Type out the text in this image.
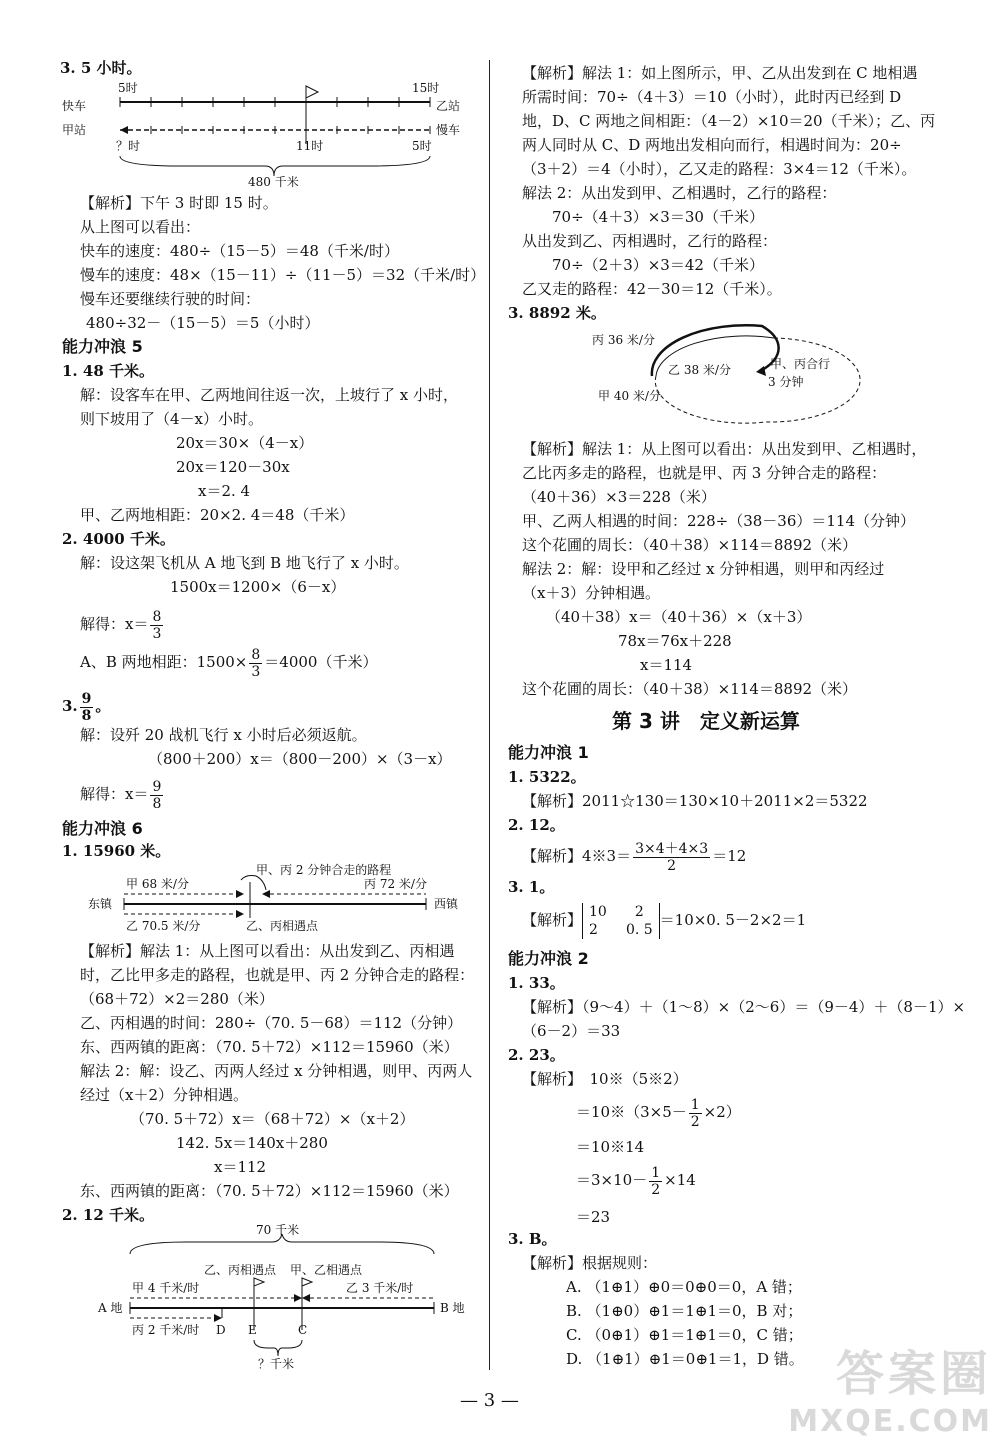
3. 5 小时。
5时	15时
快车
甲站
乙站
慢车
？时	11时	5时
480 千米
【解析】下午 3 时即 15 时。
从上图可以看出：
快车的速度：480÷（15－5）＝48（千米/时）
慢车的速度：48×（15－11）÷（11－5）＝32（千米/时）
慢车还要继续行驶的时间：
480÷32－（15－5）＝5（小时）
能力冲浪 5
1. 48 千米。
解：设客车在甲、乙两地间往返一次，上坡行了 x 小时，
则下坡用了（4－x）小时。
20x＝30×（4－x）
20x＝120－30x
x＝2. 4
甲、乙两地相距：20×2. 4＝48（千米）
2. 4000 千米。
解：设这架飞机从 A 地飞到 B 地飞行了 x 小时。
1500x＝1200×（6－x）
解得：$x= \frac{8}{3}$
A、B 两地相距：$1500\times \frac{8}{3} =4000$（千米）
3. $\frac{9}{8}$ 。
解：设歼 20 战机飞行 x 小时后必须返航。
（800＋200）x＝（800－200）×（3－x）
解得：$x= \frac{9}{8}$
能力冲浪 6
1. 15960 米。
甲、丙 2 分钟合走的路程
甲 68 米/分	丙 72 米/分
东镇	西镇
乙 70.5 米/分	乙、丙相遇点
【解析】解法 1：从上图可以看出：从出发到乙、丙相遇
时，乙比甲多走的路程，也就是甲、丙 2 分钟合走的路程：
（68＋72）×2＝280（米）
乙、丙相遇的时间：280÷（70. 5－68）＝112（分钟）
东、西两镇的距离：（70. 5＋72）×112＝15960（米）
解法 2：解：设乙、丙两人经过 x 分钟相遇，则甲、丙两人
经过（x＋2）分钟相遇。
（70. 5＋72）x＝（68＋72）×（x＋2）
142. 5x＝140x＋280
x＝112
东、西两镇的距离：（70. 5＋72）×112＝15960（米）
2. 12 千米。
70 千米
乙、丙相遇点 甲、乙相遇点
甲 4 千米/时	乙 3 千米/时
A 地	B 地
丙 2 千米/时 D E	C
？千米
【解析】解法 1：如上图所示，甲、乙从出发到在 C 地相遇
所需时间：70÷（4＋3）＝10（小时），此时丙已经到 D
地，D、C 两地之间相距：（4－2）×10＝20（千米）；乙、丙
两人同时从 C、D 两地出发相向而行，相遇时间为：20÷
（3＋2）＝4（小时），乙又走的路程：3×4＝12（千米）。
解法 2：从出发到甲、乙相遇时，乙行的路程：
70÷（4＋3）×3＝30（千米）
从出发到乙、丙相遇时，乙行的路程：
70÷（2＋3）×3＝42（千米）
乙又走的路程：42－30＝12（千米）。
3. 8892 米。
丙 36 米/分
乙 38 米/分	甲、丙合行
3 分钟
甲 40 米/分
【解析】解法 1：从上图可以看出：从出发到甲、乙相遇时，
乙比丙多走的路程，也就是甲、丙 3 分钟合走的路程：
（40＋36）×3＝228（米）
甲、乙两人相遇的时间：228÷（38－36）＝114（分钟）
这个花圃的周长：（40＋38）×114＝8892（米）
解法 2：解：设甲和乙经过 x 分钟相遇，则甲和丙经过
（x＋3）分钟相遇。
（40＋38）x＝（40＋36）×（x＋3）
78x＝76x＋228
x＝114
这个花圃的周长：（40＋38）×114＝8892（米）
第 3 讲　定义新运算
能力冲浪 1
1. 5322。
【解析】2011☆130＝130×10＋2011×2＝5322
2. 12。
【解析】4※3＝ $\frac{3\times 4+4\times 3}{2} =12$
3. 1。
【解析】 10　　 2
2　　 0. 5＝10×0. 5－2×2＝1
能力冲浪 2
1. 33。
【解析】（9～4）＋（1～8）×（2～6）＝（9－4）＋（8－1）×
（6－2）＝33
2. 23。
【解析】　10※（5※2）
＝10※（3×5－ $\frac{1}{2} \times 2$）
＝10※14
$=3\times 10- \frac{1}{2} \times 14$
＝23
3. B。
【解析】根据规则：
A. （1⊕1）⊕0＝0⊕0＝0，A 错；
B. （1⊕0）⊕1＝1⊕1＝0，B 对；
C. （0⊕1）⊕1＝1⊕1＝0，C 错；
D. （1⊕1）⊕1＝0⊕1＝1，D 错。
— 3 —	答案圈
MXQE.COM
